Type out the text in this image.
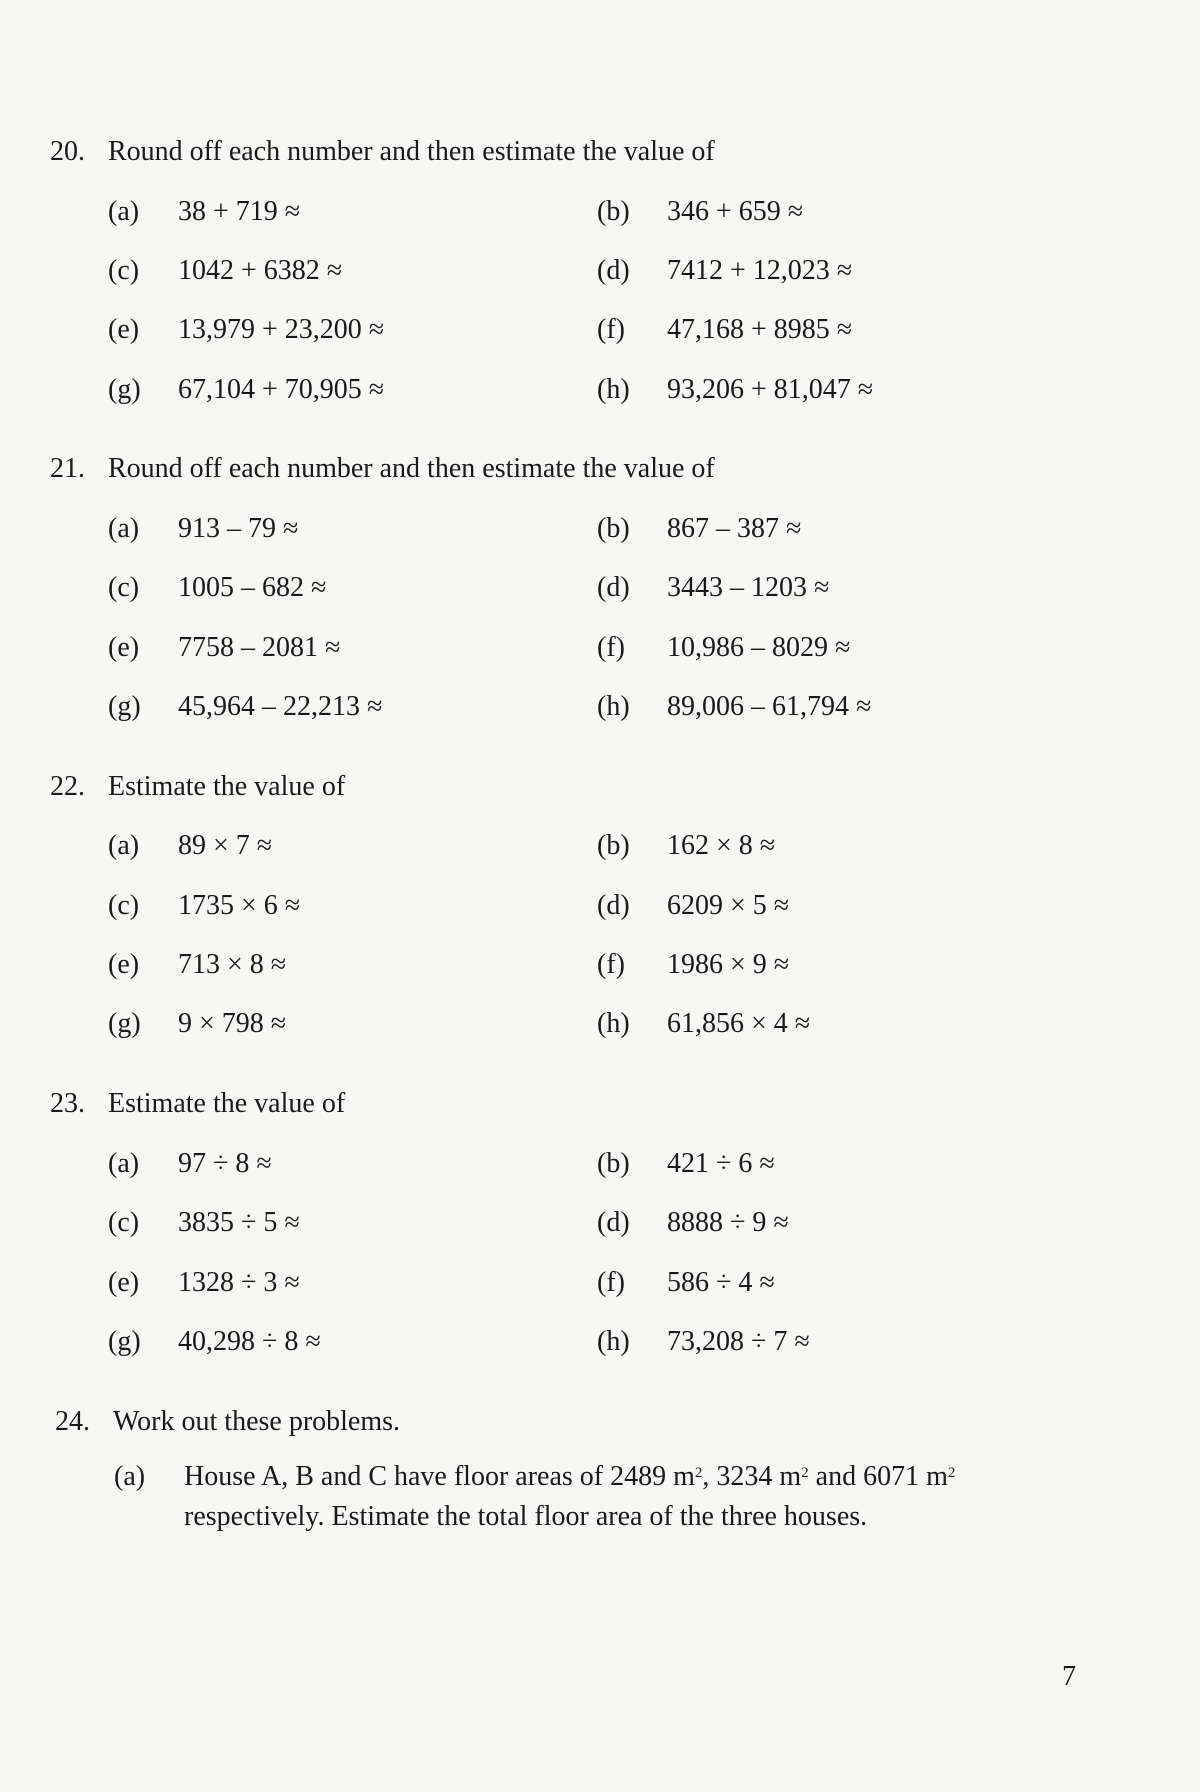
20. Round off each number and then estimate the value of
(a) 38 + 719 ≈	(b) 346 + 659 ≈
(c) 1042 + 6382 ≈	(d) 7412 + 12,023 ≈
(e) 13,979 + 23,200 ≈	(f) 47,168 + 8985 ≈
(g) 67,104 + 70,905 ≈	(h) 93,206 + 81,047 ≈
21. Round off each number and then estimate the value of
(a) 913 – 79 ≈	(b) 867 – 387 ≈
(c) 1005 – 682 ≈	(d) 3443 – 1203 ≈
(e) 7758 – 2081 ≈	(f) 10,986 – 8029 ≈
(g) 45,964 – 22,213 ≈	(h) 89,006 – 61,794 ≈
22. Estimate the value of
(a) 89 × 7 ≈	(b) 162 × 8 ≈
(c) 1735 × 6 ≈	(d) 6209 × 5 ≈
(e) 713 × 8 ≈	(f) 1986 × 9 ≈
(g) 9 × 798 ≈	(h) 61,856 × 4 ≈
23. Estimate the value of
(a) 97 ÷ 8 ≈	(b) 421 ÷ 6 ≈
(c) 3835 ÷ 5 ≈	(d) 8888 ÷ 9 ≈
(e) 1328 ÷ 3 ≈	(f) 586 ÷ 4 ≈
(g) 40,298 ÷ 8 ≈	(h) 73,208 ÷ 7 ≈
24. Work out these problems.
(a) House A, B and C have floor areas of 2489 $m^2$, 3234 $m^2$ and 6071 $m^2$
respectively. Estimate the total floor area of the three houses.
7
